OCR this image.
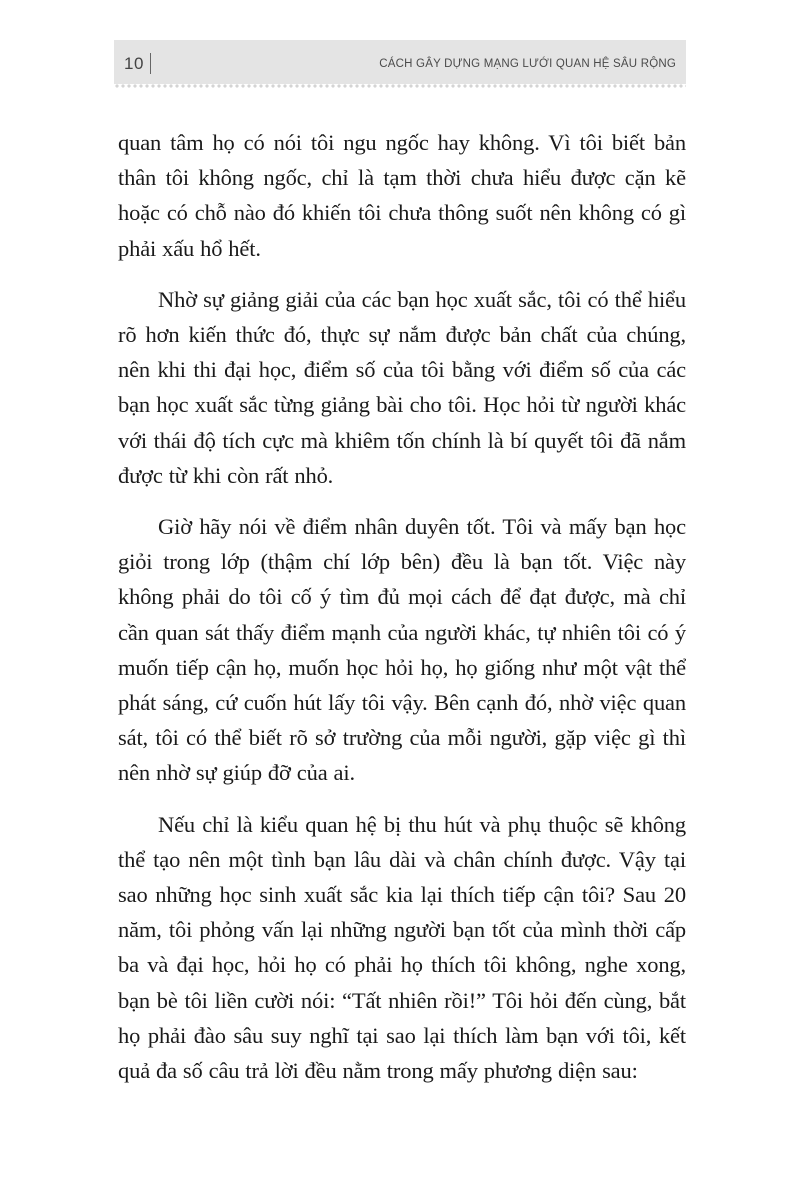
10	CÁCH GÂY DỰNG MẠNG LƯỚI QUAN HỆ SÂU RỘNG

quan tâm họ có nói tôi ngu ngốc hay không. Vì tôi biết bản thân tôi không ngốc, chỉ là tạm thời chưa hiểu được cặn kẽ hoặc có chỗ nào đó khiến tôi chưa thông suốt nên không có gì phải xấu hổ hết.

Nhờ sự giảng giải của các bạn học xuất sắc, tôi có thể hiểu rõ hơn kiến thức đó, thực sự nắm được bản chất của chúng, nên khi thi đại học, điểm số của tôi bằng với điểm số của các bạn học xuất sắc từng giảng bài cho tôi. Học hỏi từ người khác với thái độ tích cực mà khiêm tốn chính là bí quyết tôi đã nắm được từ khi còn rất nhỏ.

Giờ hãy nói về điểm nhân duyên tốt. Tôi và mấy bạn học giỏi trong lớp (thậm chí lớp bên) đều là bạn tốt. Việc này không phải do tôi cố ý tìm đủ mọi cách để đạt được, mà chỉ cần quan sát thấy điểm mạnh của người khác, tự nhiên tôi có ý muốn tiếp cận họ, muốn học hỏi họ, họ giống như một vật thể phát sáng, cứ cuốn hút lấy tôi vậy. Bên cạnh đó, nhờ việc quan sát, tôi có thể biết rõ sở trường của mỗi người, gặp việc gì thì nên nhờ sự giúp đỡ của ai.

Nếu chỉ là kiểu quan hệ bị thu hút và phụ thuộc sẽ không thể tạo nên một tình bạn lâu dài và chân chính được. Vậy tại sao những học sinh xuất sắc kia lại thích tiếp cận tôi? Sau 20 năm, tôi phỏng vấn lại những người bạn tốt của mình thời cấp ba và đại học, hỏi họ có phải họ thích tôi không, nghe xong, bạn bè tôi liền cười nói: “Tất nhiên rồi!” Tôi hỏi đến cùng, bắt họ phải đào sâu suy nghĩ tại sao lại thích làm bạn với tôi, kết quả đa số câu trả lời đều nằm trong mấy phương diện sau:
